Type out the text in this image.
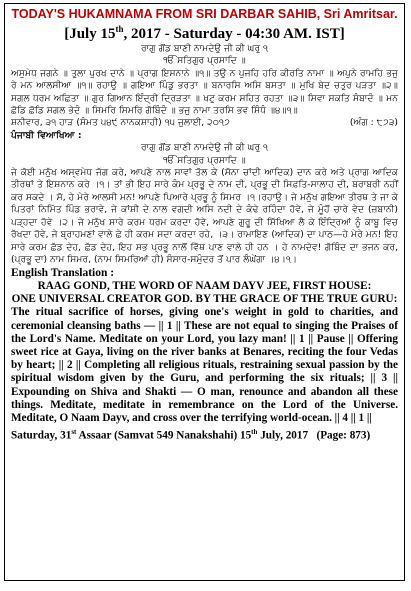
TODAY'S HUKAMNAMA FROM SRI DARBAR SAHIB, Sri Amritsar.
[July 15th, 2017 - Saturday - 04:30 AM. IST]
ਰਾਗੁ ਗੋਂਡ ਬਾਣੀ ਨਾਮਦੇਉ ਜੀ ਕੀ ਘਰੁ ੧
ੴ ਸਤਿਗੁਰ ਪ੍ਰਸਾਦਿ ॥
ਅਸੁਮੇਧ ਜਗਨੇ ॥ ਤੁਲਾ ਪੁਰਖ ਦਾਨੇ ॥ ਪ੍ਰਾਗ ਇਸਨਾਨੇ ॥੧॥ ਤਉ ਨ ਪੁਜਹਿ ਹਰਿ ਕੀਰਤਿ ਨਾਮਾ ॥ ਅਪੁਨੇ ਰਾਮਹਿ ਭਜੁ ਰੇ ਮਨ ਆਲਸੀਆ ॥੧॥ ਰਹਾਉ ॥ ਗਇਆ ਪਿੰਡੁ ਭਰਤਾ ॥ ਬਨਾਰਸਿ ਅਸਿ ਬਸਤਾ ॥ ਮੁਖਿ ਬੇਦ ਚਤੁਰ ਪੜਤਾ ॥੨॥ ਸਗਲ ਧਰਮ ਅਛਿਤਾ ॥ ਗੁਰ ਗਿਆਨ ਇੰਦ੍ਰੀ ਦ੍ਰਿੜਤਾ ॥ ਖਟੁ ਕਰਮ ਸਹਿਤ ਰਹਤਾ ॥੩॥ ਸਿਵਾ ਸਕਤਿ ਸੰਬਾਦੰ ॥ ਮਨ ਛੋਡਿ ਛੋਡਿ ਸਗਲ ਭੇਦੰ ॥ ਸਿਮਰਿ ਸਿਮਰਿ ਗੋਬਿੰਦੰ ॥ ਭਜੁ ਨਾਮਾ ਤਰਸਿ ਭਵ ਸਿੰਧੰ ॥੪॥੧॥
ਸ਼ਨੀਵਾਰ, ੩੧ ਹਾੜ (ਸੰਮਤ ੫੪੯ ਨਾਨਕਸ਼ਾਹੀ) ੧੫ ਜੁਲਾਈ, ੨੦੧੭	(ਅੰਗ : ੮੭੩)
ਪੰਜਾਬੀ ਵਿਆਖਿਆ :
ਰਾਗੁ ਗੋਂਡ ਬਾਣੀ ਨਾਮਦੇਉ ਜੀ ਕੀ ਘਰੁ ੧
ੴ ਸਤਿਗੁਰ ਪ੍ਰਸਾਦਿ ॥
ਜੇ ਕੋਈ ਮਨੁੱਖ ਅਸ੍ਵਮੇਧ ਜੱਗ ਕਰੇ, ਆਪਣੇ ਨਾਲ ਸਾਵਾਂ ਤੋਲ ਕੇ (ਸੋਨਾ ਚਾਂਦੀ ਆਦਿਕ) ਦਾਨ ਕਰੇ ਅਤੇ ਪ੍ਰਾਗ ਆਦਿਕ ਤੀਰਥਾਂ ਤੇ ਇਸ਼ਨਾਨ ਕਰੇ ।੧। ਤਾਂ ਭੀ ਇਹ ਸਾਰੇ ਕੰਮ ਪ੍ਰਭੂ ਦੇ ਨਾਮ ਦੀ, ਪ੍ਰਭੂ ਦੀ ਸਿਫ਼ਤਿ-ਸਾਲਾਹ ਦੀ, ਬਰਾਬਰੀ ਨਹੀਂ ਕਰ ਸਕਦੇ । ਸੋ, ਹੇ ਮੇਰੇ ਆਲਸੀ ਮਨ! ਆਪਣੇ ਪਿਆਰੇ ਪ੍ਰਭੂ ਨੂੰ ਸਿਮਰ ।੧।ਰਹਾਉ। ਜੇ ਮਨੁੱਖ ਗਇਆ ਤੀਰਥ ਤੇ ਜਾ ਕੇ ਪਿਤਰਾਂ ਨਿਮਿੱਤ ਪਿੰਡ ਭਰਾਵੇ, ਜੇ ਕਾਂਸ਼ੀ ਦੇ ਨਾਲ ਵਗਦੀ ਅਸਿ ਨਦੀ ਦੇ ਕੰਢੇ ਰਹਿੰਦਾ ਹੋਵੇ, ਜੇ ਮੂੰਹੋਂ ਚਾਰੇ ਵੇਦ (ਜ਼ਬਾਨੀ) ਪੜ੍ਹਦਾ ਹੋਵੇ ।੨। ਜੇ ਮਨੁੱਖ ਸਾਰੇ ਕਰਮ ਧਰਮ ਕਰਦਾ ਹੋਵੇ, ਆਪਣੇ ਗੁਰੂ ਦੀ ਸਿੱਖਿਆ ਲੈ ਕੇ ਇੰਦ੍ਰਿਆਂ ਨੂੰ ਕਾਬੂ ਵਿਚ ਰੱਖਦਾ ਹੋਵੇ, ਜੇ ਬ੍ਰਾਹਮਣਾਂ ਵਾਲੇ ਛੇ ਹੀ ਕਰਮ ਸਦਾ ਕਰਦਾ ਰਹੇ, ।੩। ਰਾਮਾਇਣ (ਆਦਿਕ) ਦਾ ਪਾਠ—ਹੇ ਮੇਰੇ ਮਨ! ਇਹ ਸਾਰੇ ਕਰਮ ਛੱਡ ਦੇਹ, ਛੱਡ ਦੇਹ, ਇਹ ਸਭ ਪ੍ਰਭੂ ਨਾਲੋਂ ਵਿੱਥ ਪਾਣ ਵਾਲੇ ਹੀ ਹਨ । ਹੇ ਨਾਮਦੇਵ! ਗੋਬਿੰਦ ਦਾ ਭਜਨ ਕਰ, (ਪ੍ਰਭੂ ਦਾ) ਨਾਮ ਸਿਮਰ, (ਨਾਮ ਸਿਮਰਿਆਂ ਹੀ) ਸੰਸਾਰ-ਸਮੁੰਦਰ ਤੋਂ ਪਾਰ ਲੰਘੇਂਗਾ ।੪।੧।
English Translation :
RAAG GOND, THE WORD OF NAAM DAYV JEE, FIRST HOUSE:
ONE UNIVERSAL CREATOR GOD. BY THE GRACE OF THE TRUE GURU:
The ritual sacrifice of horses, giving one's weight in gold to charities, and ceremonial cleansing baths — || 1 || These are not equal to singing the Praises of the Lord's Name. Meditate on your Lord, you lazy man! || 1 || Pause || Offering sweet rice at Gaya, living on the river banks at Benares, reciting the four Vedas by heart; || 2 || Completing all religious rituals, restraining sexual passion by the spiritual wisdom given by the Guru, and performing the six rituals; || 3 || Expounding on Shiva and Shakti — O man, renounce and abandon all these things. Meditate, meditate in remembrance on the Lord of the Universe. Meditate, O Naam Dayv, and cross over the terrifying world-ocean. || 4 || 1 ||
Saturday, 31st Assaar (Samvat 549 Nanakshahi) 15th July, 2017 (Page: 873)
